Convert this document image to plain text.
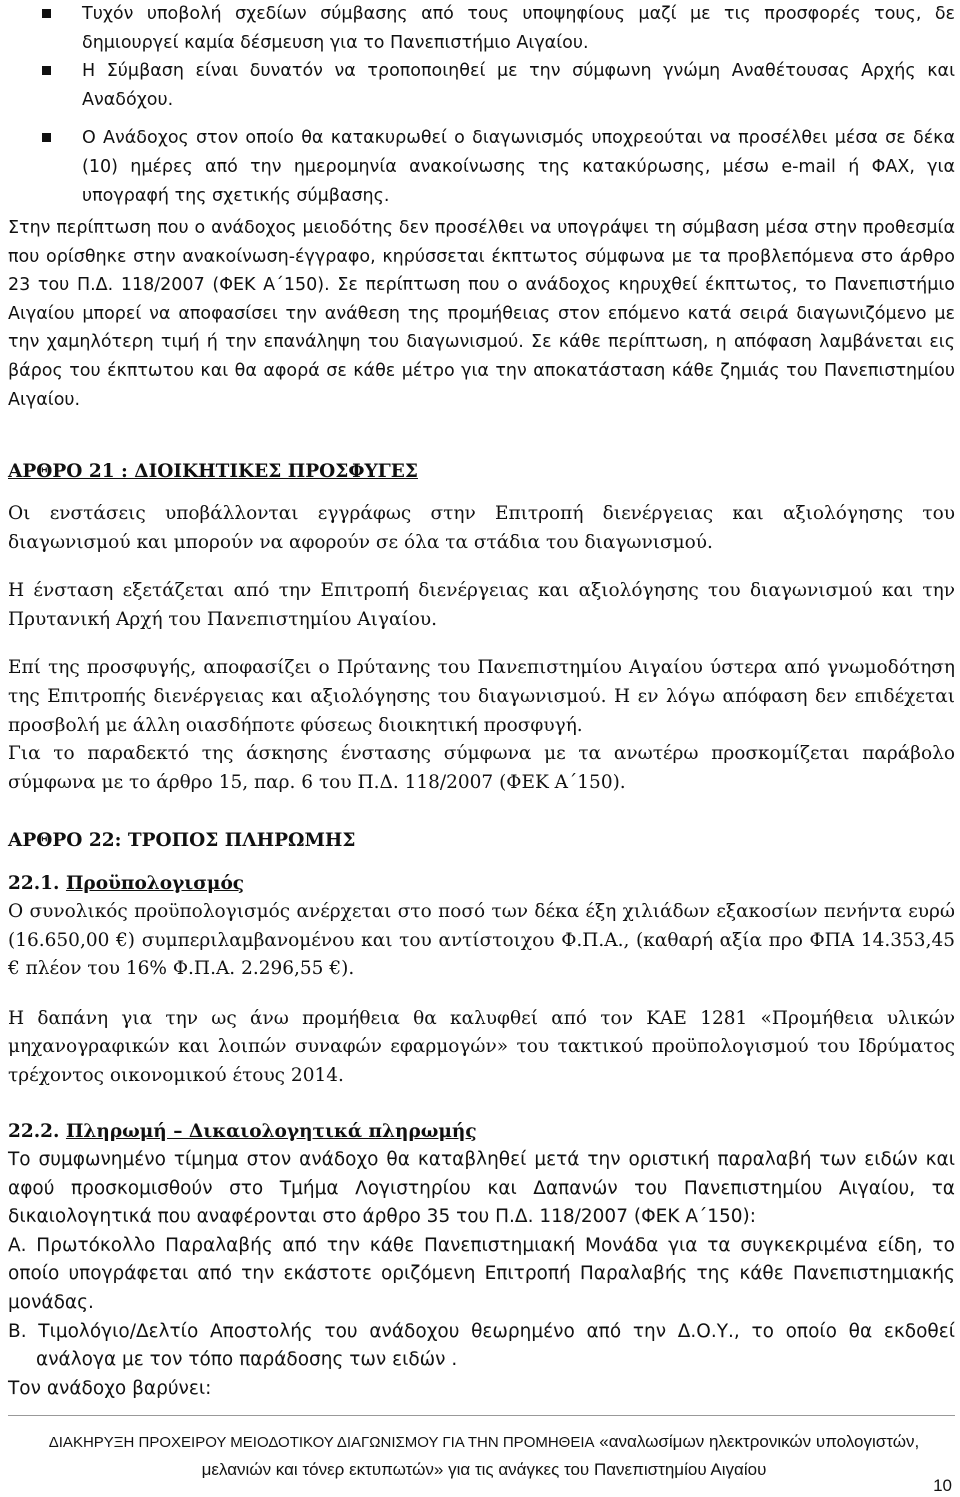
Τυχόν υποβολή σχεδίων σύμβασης από τους υποψηφίους μαζί με τις προσφορές τους, δε δημιουργεί καμία δέσμευση για το Πανεπιστήμιο Αιγαίου.
Η Σύμβαση είναι δυνατόν να τροποποιηθεί με την σύμφωνη γνώμη Αναθέτουσας Αρχής και Αναδόχου.
Ο Ανάδοχος στον οποίο θα κατακυρωθεί ο διαγωνισμός υποχρεούται να προσέλθει μέσα σε δέκα (10) ημέρες από την ημερομηνία ανακοίνωσης της κατακύρωσης, μέσω e-mail ή ΦΑΧ, για υπογραφή της σχετικής σύμβασης.

Στην περίπτωση που ο ανάδοχος μειοδότης δεν προσέλθει να υπογράψει τη σύμβαση μέσα στην προθεσμία που ορίσθηκε στην ανακοίνωση-έγγραφο, κηρύσσεται έκπτωτος σύμφωνα με τα προβλεπόμενα στο άρθρο 23 του Π.Δ. 118/2007 (ΦΕΚ Α΄150). Σε περίπτωση που ο ανάδοχος κηρυχθεί έκπτωτος, το Πανεπιστήμιο Αιγαίου μπορεί να αποφασίσει την ανάθεση της προμήθειας στον επόμενο κατά σειρά διαγωνιζόμενο με την χαμηλότερη τιμή ή την επανάληψη του διαγωνισμού. Σε κάθε περίπτωση, η απόφαση λαμβάνεται εις βάρος του έκπτωτου και θα αφορά σε κάθε μέτρο για την αποκατάσταση κάθε ζημιάς του Πανεπιστημίου Αιγαίου.

ΑΡΘΡΟ 21 : ΔΙΟΙΚΗΤΙΚΕΣ ΠΡΟΣΦΥΓΕΣ

Οι ενστάσεις υποβάλλονται εγγράφως στην Επιτροπή διενέργειας και αξιολόγησης του διαγωνισμού και μπορούν να αφορούν σε όλα τα στάδια του διαγωνισμού.

Η ένσταση εξετάζεται από την Επιτροπή διενέργειας και αξιολόγησης του διαγωνισμού και την Πρυτανική Αρχή του Πανεπιστημίου Αιγαίου.

Επί της προσφυγής, αποφασίζει ο Πρύτανης του Πανεπιστημίου Αιγαίου ύστερα από γνωμοδότηση της Επιτροπής διενέργειας και αξιολόγησης του διαγωνισμού. Η εν λόγω απόφαση δεν επιδέχεται προσβολή με άλλη οιασδήποτε φύσεως διοικητική προσφυγή.

Για το παραδεκτό της άσκησης ένστασης σύμφωνα με τα ανωτέρω προσκομίζεται παράβολο σύμφωνα με το άρθρο 15, παρ. 6 του Π.Δ. 118/2007 (ΦΕΚ Α΄150).

ΑΡΘΡΟ 22: ΤΡΟΠΟΣ ΠΛΗΡΩΜΗΣ
22.1. Προϋπολογισμός

Ο συνολικός προϋπολογισμός ανέρχεται στο ποσό των δέκα έξη χιλιάδων εξακοσίων πενήντα ευρώ (16.650,00 €) συμπεριλαμβανομένου και του αντίστοιχου Φ.Π.Α., (καθαρή αξία προ ΦΠΑ 14.353,45 € πλέον του 16% Φ.Π.Α. 2.296,55 €).

Η δαπάνη για την ως άνω προμήθεια θα καλυφθεί από τον ΚΑΕ 1281 «Προμήθεια υλικών μηχανογραφικών και λοιπών συναφών εφαρμογών» του τακτικού προϋπολογισμού του Ιδρύματος τρέχοντος οικονομικού έτους 2014.

22.2. Πληρωμή – Δικαιολογητικά πληρωμής

Το συμφωνημένο τίμημα στον ανάδοχο θα καταβληθεί μετά την οριστική παραλαβή των ειδών και αφού προσκομισθούν στο Τμήμα Λογιστηρίου και Δαπανών του Πανεπιστημίου Αιγαίου, τα δικαιολογητικά που αναφέρονται στο άρθρο 35 του Π.Δ. 118/2007 (ΦΕΚ Α΄150):

Α. Πρωτόκολλο Παραλαβής από την κάθε Πανεπιστημιακή Μονάδα για τα συγκεκριμένα είδη, το οποίο υπογράφεται από την εκάστοτε οριζόμενη Επιτροπή Παραλαβής της κάθε Πανεπιστημιακής μονάδας.

Β. Τιμολόγιο/Δελτίο Αποστολής του ανάδοχου θεωρημένο από την Δ.Ο.Υ., το οποίο θα εκδοθεί ανάλογα με τον τόπο παράδοσης των ειδών .

Τον ανάδοχο βαρύνει:

ΔΙΑΚΗΡΥΞΗ ΠΡΟΧΕΙΡΟΥ ΜΕΙΟΔΟΤΙΚΟΥ ΔΙΑΓΩΝΙΣΜΟΥ ΓΙΑ ΤΗΝ ΠΡΟΜΗΘΕΙΑ «αναλωσίμων ηλεκτρονικών υπολογιστών, μελανιών και τόνερ εκτυπωτών» για τις ανάγκες του Πανεπιστημίου Αιγαίου
10
